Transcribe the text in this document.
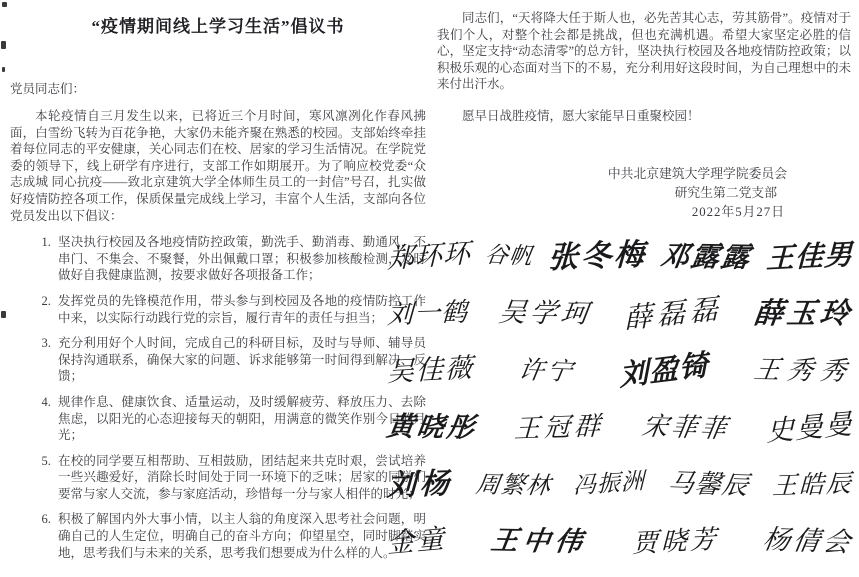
“疫情期间线上学习生活”倡议书

党员同志们：

本轮疫情自三月发生以来，已将近三个月时间，寒风凛冽化作春风拂面，白雪纷飞转为百花争艳，大家仍未能齐聚在熟悉的校园。支部始终牵挂着每位同志的平安健康，关心同志们在校、居家的学习生活情况。在学院党委的领导下，线上研学有序进行，支部工作如期展开。为了响应校党委“众志成城 同心抗疫——致北京建筑大学全体师生员工的一封信”号召，扎实做好疫情防控各项工作，保质保量完成线上学习，丰富个人生活，支部向各位党员发出以下倡议：

1. 坚决执行校园及各地疫情防控政策，勤洗手、勤消毒、勤通风，不串门、不集会、不聚餐，外出佩戴口罩；积极参加核酸检测，及时做好自我健康监测，按要求做好各项报备工作；
2. 发挥党员的先锋模范作用，带头参与到校园及各地的疫情防控工作中来，以实际行动践行党的宗旨，履行青年的责任与担当；
3. 充分利用好个人时间，完成自己的科研目标，及时与导师、辅导员保持沟通联系，确保大家的问题、诉求能够第一时间得到解决、反馈；
4. 规律作息、健康饮食、适量运动，及时缓解疲劳、释放压力、去除焦虑，以阳光的心态迎接每天的朝阳，用满意的微笑作别今日的月光；
5. 在校的同学要互相帮助、互相鼓励，团结起来共克时艰，尝试培养一些兴趣爱好，消除长时间处于同一环境下的乏味；居家的同学们要常与家人交流，参与家庭活动，珍惜每一分与家人相伴的时光；
6. 积极了解国内外大事小情，以主人翁的角度深入思考社会问题，明确自己的人生定位，明确自己的奋斗方向；仰望星空，同时脚踏实地，思考我们与未来的关系，思考我们想要成为什么样的人。

同志们，“天将降大任于斯人也，必先苦其心志，劳其筋骨”。疫情对于我们个人，对整个社会都是挑战，但也充满机遇。希望大家坚定必胜的信心，坚定支持“动态清零”的总方针，坚决执行校园及各地疫情防控政策；以积极乐观的心态面对当下的不易，充分利用好这段时间，为自己理想中的未来付出汗水。

愿早日战胜疫情，愿大家能早日重聚校园！

中共北京建筑大学理学院委员会
研究生第二党支部
2022年5月27日
郑环环 谷帆 张冬梅 邓露露 王佳男
刘一鹤 吴学珂 薛磊磊 薛玉玲
吴佳薇 许宁 刘盈锜 王秀秀
黄晓彤 王冠群 宋菲菲 史曼曼
刘杨 周繁林 冯振洲 马馨辰 王皓辰
金童 王中伟 贾晓芳 杨倩会
